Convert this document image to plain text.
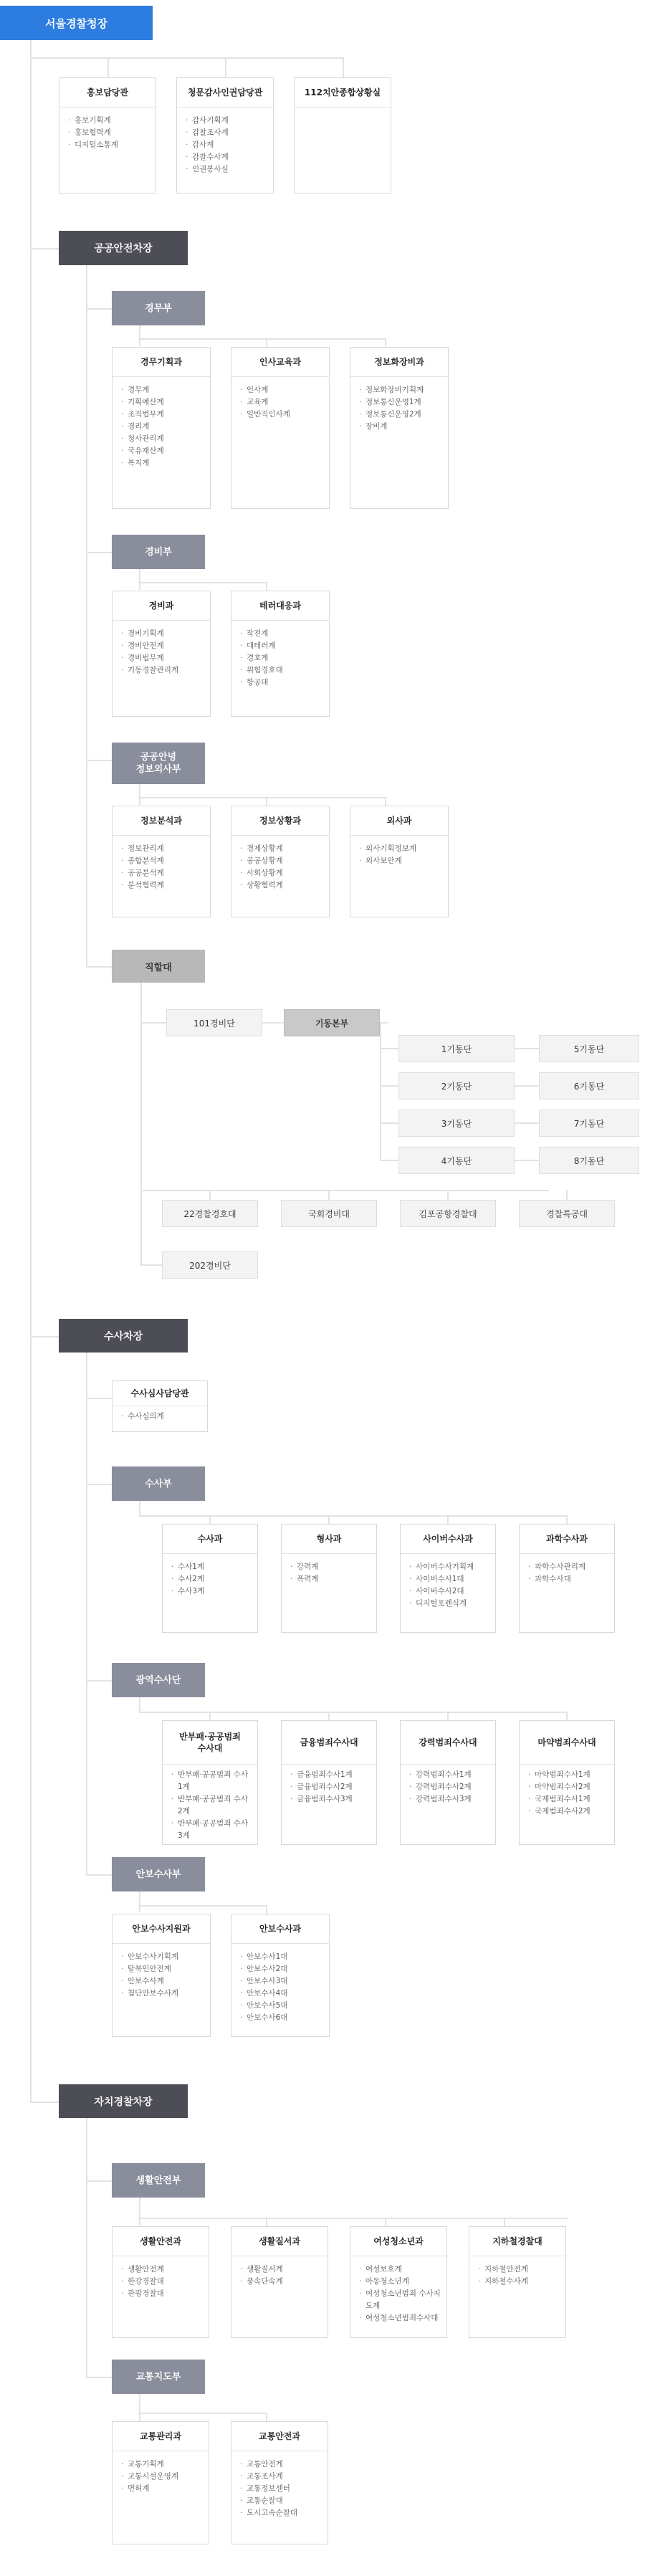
서울경찰청장
홍보담당관
· 홍보기획계
· 홍보협력계
· 디지털소통계
청문감사인권담당관
· 감사기획계
· 감찰조사계
· 감사계
· 감찰수사계
· 인권봉사실
112치안종합상황실
공공안전차장
경무부
경무기획과
· 경무계
· 기획예산계
· 조직법무계
· 경리계
· 청사관리계
· 국유재산계
· 복지계
인사교육과
· 인사계
· 교육계
· 일반직인사계
정보화장비과
· 정보화장비기획계
· 정보통신운영1계
· 정보통신운영2계
· 장비계
경비부
경비과
· 경비기획계
· 경비안전계
· 경비법무계
· 기동경찰관리계
테러대응과
· 작전계
· 대테러계
· 경호계
· 위험경호대
· 항공대
공공안녕
정보외사부
정보분석과
· 정보관리계
· 종합분석계
· 공공분석계
· 분석협력계
정보상황과
· 경제상황계
· 공공상황계
· 사회상황계
· 상황협력계
외사과
· 외사기획정보계
· 외사보안계
직할대
101경비단	기동본부
1기동단	5기동단
2기동단	6기동단
3기동단	7기동단
4기동단	8기동단
22경찰경호대	국회경비대	김포공항경찰대	경찰특공대
202경비단
수사차장
수사심사담당관
· 수사심의계
수사부
수사과
· 수사1계
· 수사2계
· 수사3계
형사과
· 강력계
· 폭력계
사이버수사과
· 사이버수사기획계
· 사이버수사1대
· 사이버수사2대
· 디지털포렌식계
과학수사과
· 과학수사관리계
· 과학수사대
광역수사단
반부패·공공범죄
수사대
· 반부패·공공범죄 수사1계
· 반부패·공공범죄 수사2계
· 반부패·공공범죄 수사3계
금융범죄수사대
· 금융범죄수사1계
· 금융범죄수사2계
· 금융범죄수사3계
강력범죄수사대
· 강력범죄수사1계
· 강력범죄수사2계
· 강력범죄수사3계
마약범죄수사대
· 마약범죄수사1계
· 마약범죄수사2계
· 국제범죄수사1계
· 국제범죄수사2계
안보수사부
안보수사지원과
· 안보수사기획계
· 탈북민안전계
· 안보수사계
· 첨단안보수사계
안보수사과
· 안보수사1대
· 안보수사2대
· 안보수사3대
· 안보수사4대
· 안보수사5대
· 안보수사6대
자치경찰차장
생활안전부
생활안전과
· 생활안전계
· 한강경찰대
· 관광경찰대
생활질서과
· 생활질서계
· 풍속단속계
여성청소년과
· 여성보호계
· 아동청소년계
· 여성청소년범죄 수사지도계
· 여성청소년범죄수사대
지하철경찰대
· 지하철안전계
· 지하철수사계
교통지도부
교통관리과
· 교통기획계
· 교통시설운영계
· 면허계
교통안전과
· 교통안전계
· 교통조사계
· 교통정보센터
· 교통순찰대
· 도시고속순찰대
